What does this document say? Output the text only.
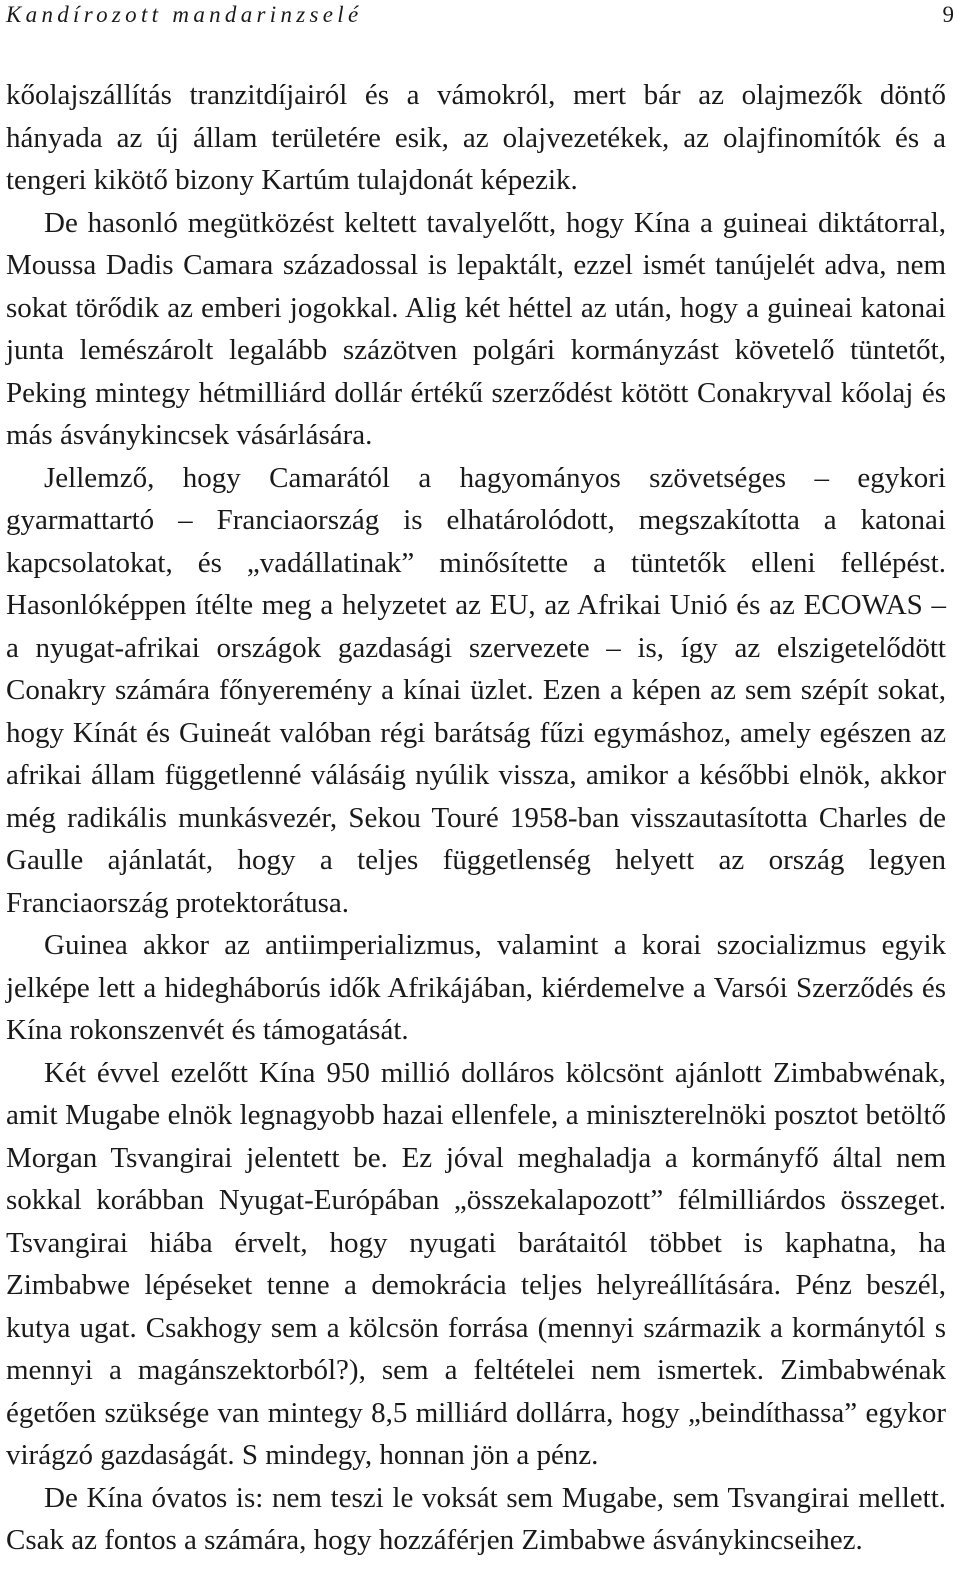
Kandírozott mandarinzselé	9

kőolajszállítás tranzitdíjairól és a vámokról, mert bár az olajmezők döntő hányada az új állam területére esik, az olajvezetékek, az olajfinomítók és a tengeri kikötő bizony Kartúm tulajdonát képezik.

De hasonló megütközést keltett tavalyelőtt, hogy Kína a guineai diktátorral, Moussa Dadis Camara századossal is lepaktált, ezzel ismét tanújelét adva, nem sokat törődik az emberi jogokkal. Alig két héttel az után, hogy a guineai katonai junta lemészárolt legalább százötven polgári kormányzást követelő tüntetőt, Peking mintegy hétmilliárd dollár értékű szerződést kötött Conakryval kőolaj és más ásványkincsek vásárlására.

Jellemző, hogy Camarától a hagyományos szövetséges – egykori gyarmattartó – Franciaország is elhatárolódott, megszakította a katonai kapcsolatokat, és „vadállatinak” minősítette a tüntetők elleni fellépést. Hasonlóképpen ítélte meg a helyzetet az EU, az Afrikai Unió és az ECOWAS – a nyugat-afrikai országok gazdasági szervezete – is, így az elszigetelődött Conakry számára főnyeremény a kínai üzlet. Ezen a képen az sem szépít sokat, hogy Kínát és Guineát valóban régi barátság fűzi egymáshoz, amely egészen az afrikai állam függetlenné válásáig nyúlik vissza, amikor a későbbi elnök, akkor még radikális munkásvezér, Sekou Touré 1958-ban visszautasította Charles de Gaulle ajánlatát, hogy a teljes függetlenség helyett az ország legyen Franciaország protektorátusa.

Guinea akkor az antiimperializmus, valamint a korai szocializmus egyik jelképe lett a hidegháborús idők Afrikájában, kiérdemelve a Varsói Szerződés és Kína rokonszenvét és támogatását.

Két évvel ezelőtt Kína 950 millió dolláros kölcsönt ajánlott Zimbabwénak, amit Mugabe elnök legnagyobb hazai ellenfele, a miniszterelnöki posztot betöltő Morgan Tsvangirai jelentett be. Ez jóval meghaladja a kormányfő által nem sokkal korábban Nyugat-Európában „összekalapozott” félmilliárdos összeget. Tsvangirai hiába érvelt, hogy nyugati barátaitól többet is kaphatna, ha Zimbabwe lépéseket tenne a demokrácia teljes helyreállítására. Pénz beszél, kutya ugat. Csakhogy sem a kölcsön forrása (mennyi származik a kormánytól s mennyi a magánszektorból?), sem a feltételei nem ismertek. Zimbabwénak égetően szüksége van mintegy 8,5 milliárd dollárra, hogy „beindíthassa” egykor virágzó gazdaságát. S mindegy, honnan jön a pénz.

De Kína óvatos is: nem teszi le voksát sem Mugabe, sem Tsvangirai mellett. Csak az fontos a számára, hogy hozzáférjen Zimbabwe ásványkincseihez.
